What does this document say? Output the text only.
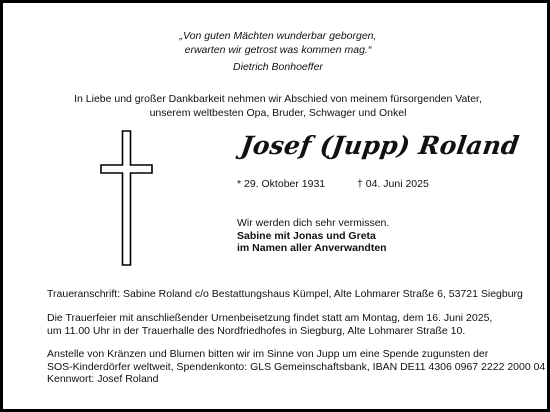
„Von guten Mächten wunderbar geborgen,
erwarten wir getrost was kommen mag.“
Dietrich Bonhoeffer
In Liebe und großer Dankbarkeit nehmen wir Abschied von meinem fürsorgenden Vater,
unserem weltbesten Opa, Bruder, Schwager und Onkel
Josef (Jupp) Roland
* 29. Oktober 1931	† 04. Juni 2025
Wir werden dich sehr vermissen.
Sabine mit Jonas und Greta
im Namen aller Anverwandten
Traueranschrift: Sabine Roland c/o Bestattungshaus Kümpel, Alte Lohmarer Straße 6, 53721 Siegburg
Die Trauerfeier mit anschließender Urnenbeisetzung findet statt am Montag, dem 16. Juni 2025,
um 11.00 Uhr in der Trauerhalle des Nordfriedhofes in Siegburg, Alte Lohmarer Straße 10.
Anstelle von Kränzen und Blumen bitten wir im Sinne von Jupp um eine Spende zugunsten der
SOS-Kinderdörfer weltweit, Spendenkonto: GLS Gemeinschaftsbank, IBAN DE11 4306 0967 2222 2000 04
Kennwort: Josef Roland
